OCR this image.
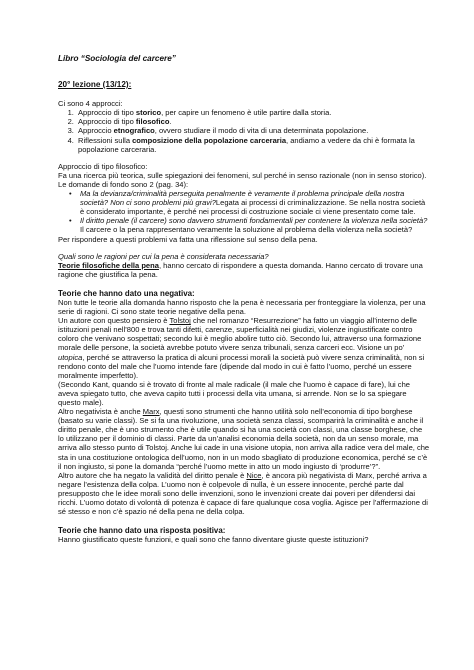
Libro “Sociologia del carcere”

20° lezione (13/12):

Ci sono 4 approcci:

1. Approccio di tipo storico, per capire un fenomeno è utile partire dalla storia.
2. Approccio di tipo filosofico.
3. Approccio etnografico, ovvero studiare il modo di vita di una determinata popolazione.
4. Riflessioni sulla composizione della popolazione carceraria, andiamo a vedere da chi è formata la popolazione carceraria.

Approccio di tipo filosofico:

Fa una ricerca più teorica, sulle spiegazioni dei fenomeni, sul perché in senso razionale (non in senso storico).

Le domande di fondo sono 2 (pag. 34):

• Ma la devianza/criminalità perseguita penalmente è veramente il problema principale della nostra società? Non ci sono problemi più gravi?Legata ai processi di criminalizzazione. Se nella nostra società è considerato importante, è perché nei processi di costruzione sociale ci viene presentato come tale.
• Il diritto penale (il carcere) sono davvero strumenti fondamentali per contenere la violenza nella società? Il carcere o la pena rappresentano veramente la soluzione al problema della violenza nella società?

Per rispondere a questi problemi va fatta una riflessione sul senso della pena.

Quali sono le ragioni per cui la pena è considerata necessaria?

Teorie filosofiche della pena, hanno cercato di rispondere a questa domanda. Hanno cercato di trovare una ragione che giustifica la pena.

Teorie che hanno dato una negativa:

Non tutte le teorie alla domanda hanno risposto che la pena è necessaria per fronteggiare la violenza, per una serie di ragioni. Ci sono state teorie negative della pena.

Un autore con questo pensiero è Tolstoj che nel romanzo “Resurrezione” ha fatto un viaggio all’interno delle istituzioni penali nell’800 e trova tanti difetti, carenze, superficialità nei giudizi, violenze ingiustificate contro coloro che venivano sospettati; secondo lui è meglio abolire tutto ciò. Secondo lui, attraverso una formazione morale delle persone, la società avrebbe potuto vivere senza tribunali, senza carceri ecc. Visione un po’ utopica, perché se attraverso la pratica di alcuni processi morali la società può vivere senza criminalità, non si rendono conto del male che l’uomo intende fare (dipende dal modo in cui è fatto l’uomo, perché un essere moralmente imperfetto).

(Secondo Kant, quando si è trovato di fronte al male radicale (il male che l’uomo è capace di fare), lui che aveva spiegato tutto, che aveva capito tutti i processi della vita umana, si arrende. Non se lo sa spiegare questo male).

Altro negativista è anche Marx, questi sono strumenti che hanno utilità solo nell’economia di tipo borghese (basato su varie classi). Se si fa una rivoluzione, una società senza classi, scomparirà la criminalità e anche il diritto penale, che è uno strumento che è utile quando si ha una società con classi, una classe borghese, che lo utilizzano per il dominio di classi. Parte da un’analisi economia della società, non da un senso morale, ma arriva allo stesso punto di Tolstoj. Anche lui cade in una visione utopia, non arriva alla radice vera del male, che sta in una costituzione ontologica dell’uomo, non in un modo sbagliato di produzione economica, perché se c’è il non ingiusto, si pone la domanda “perché l’uomo mette in atto un modo ingiusto di ‘produrre’?”.

Altro autore che ha negato la validità del diritto penale è Nice, è ancora più negativista di Marx, perché arriva a negare l’esistenza della colpa. L’uomo non è colpevole di nulla, è un essere innocente, perché parte dal presupposto che le idee morali sono delle invenzioni, sono le invenzioni create dai poveri per difendersi dai ricchi. L’uomo dotato di volontà di potenza è capace di fare qualunque cosa voglia. Agisce per l’affermazione di sé stesso e non c’è spazio né della pena ne della colpa.

Teorie che hanno dato una risposta positiva:

Hanno giustificato queste funzioni, e quali sono che fanno diventare giuste queste istituzioni?
